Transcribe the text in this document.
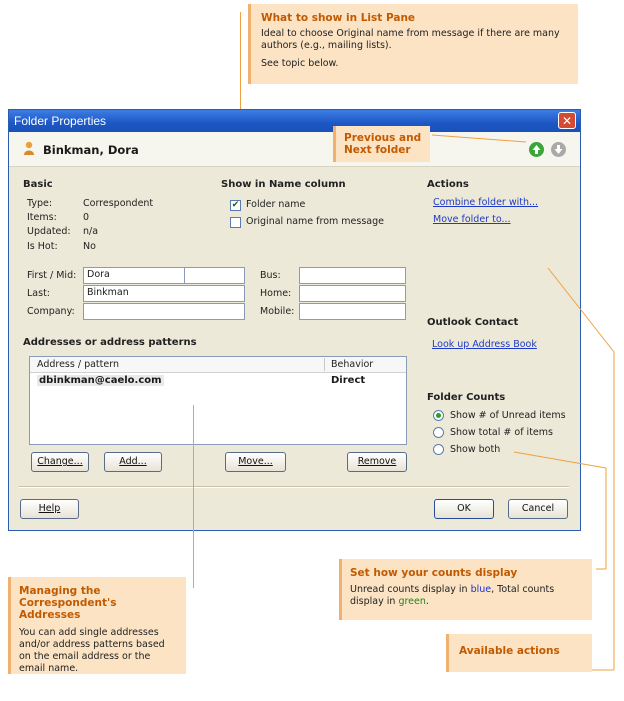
What to show in List Pane
Ideal to choose Original name from message if there are many authors (e.g., mailing lists).
See topic below.
Folder Properties	✕
Binkman, Dora
Basic
Type:	Correspondent
Items:	0
Updated: n/a
Is Hot:	No
Show in Name column
✔ Folder name
Original name from message
First / Mid:	Dora
Last:	Binkman
Company:
Bus:
Home:
Mobile:
Addresses or address patterns
Address / pattern	Behavior
dbinkman@caelo.com	Direct
Change...	Add...	Move...	Remove
Actions
Combine folder with...
Move folder to...
Outlook Contact
Look up Address Book
Folder Counts
Show # of Unread items
Show total # of items
Show both
Help	OK	Cancel
Previous and
Next folder
Managing the
Correspondent's Addresses
You can add single addresses and/or address patterns based on the email address or the email name.
Set how your counts display
Unread counts display in blue, Total counts display in green.
Available actions
